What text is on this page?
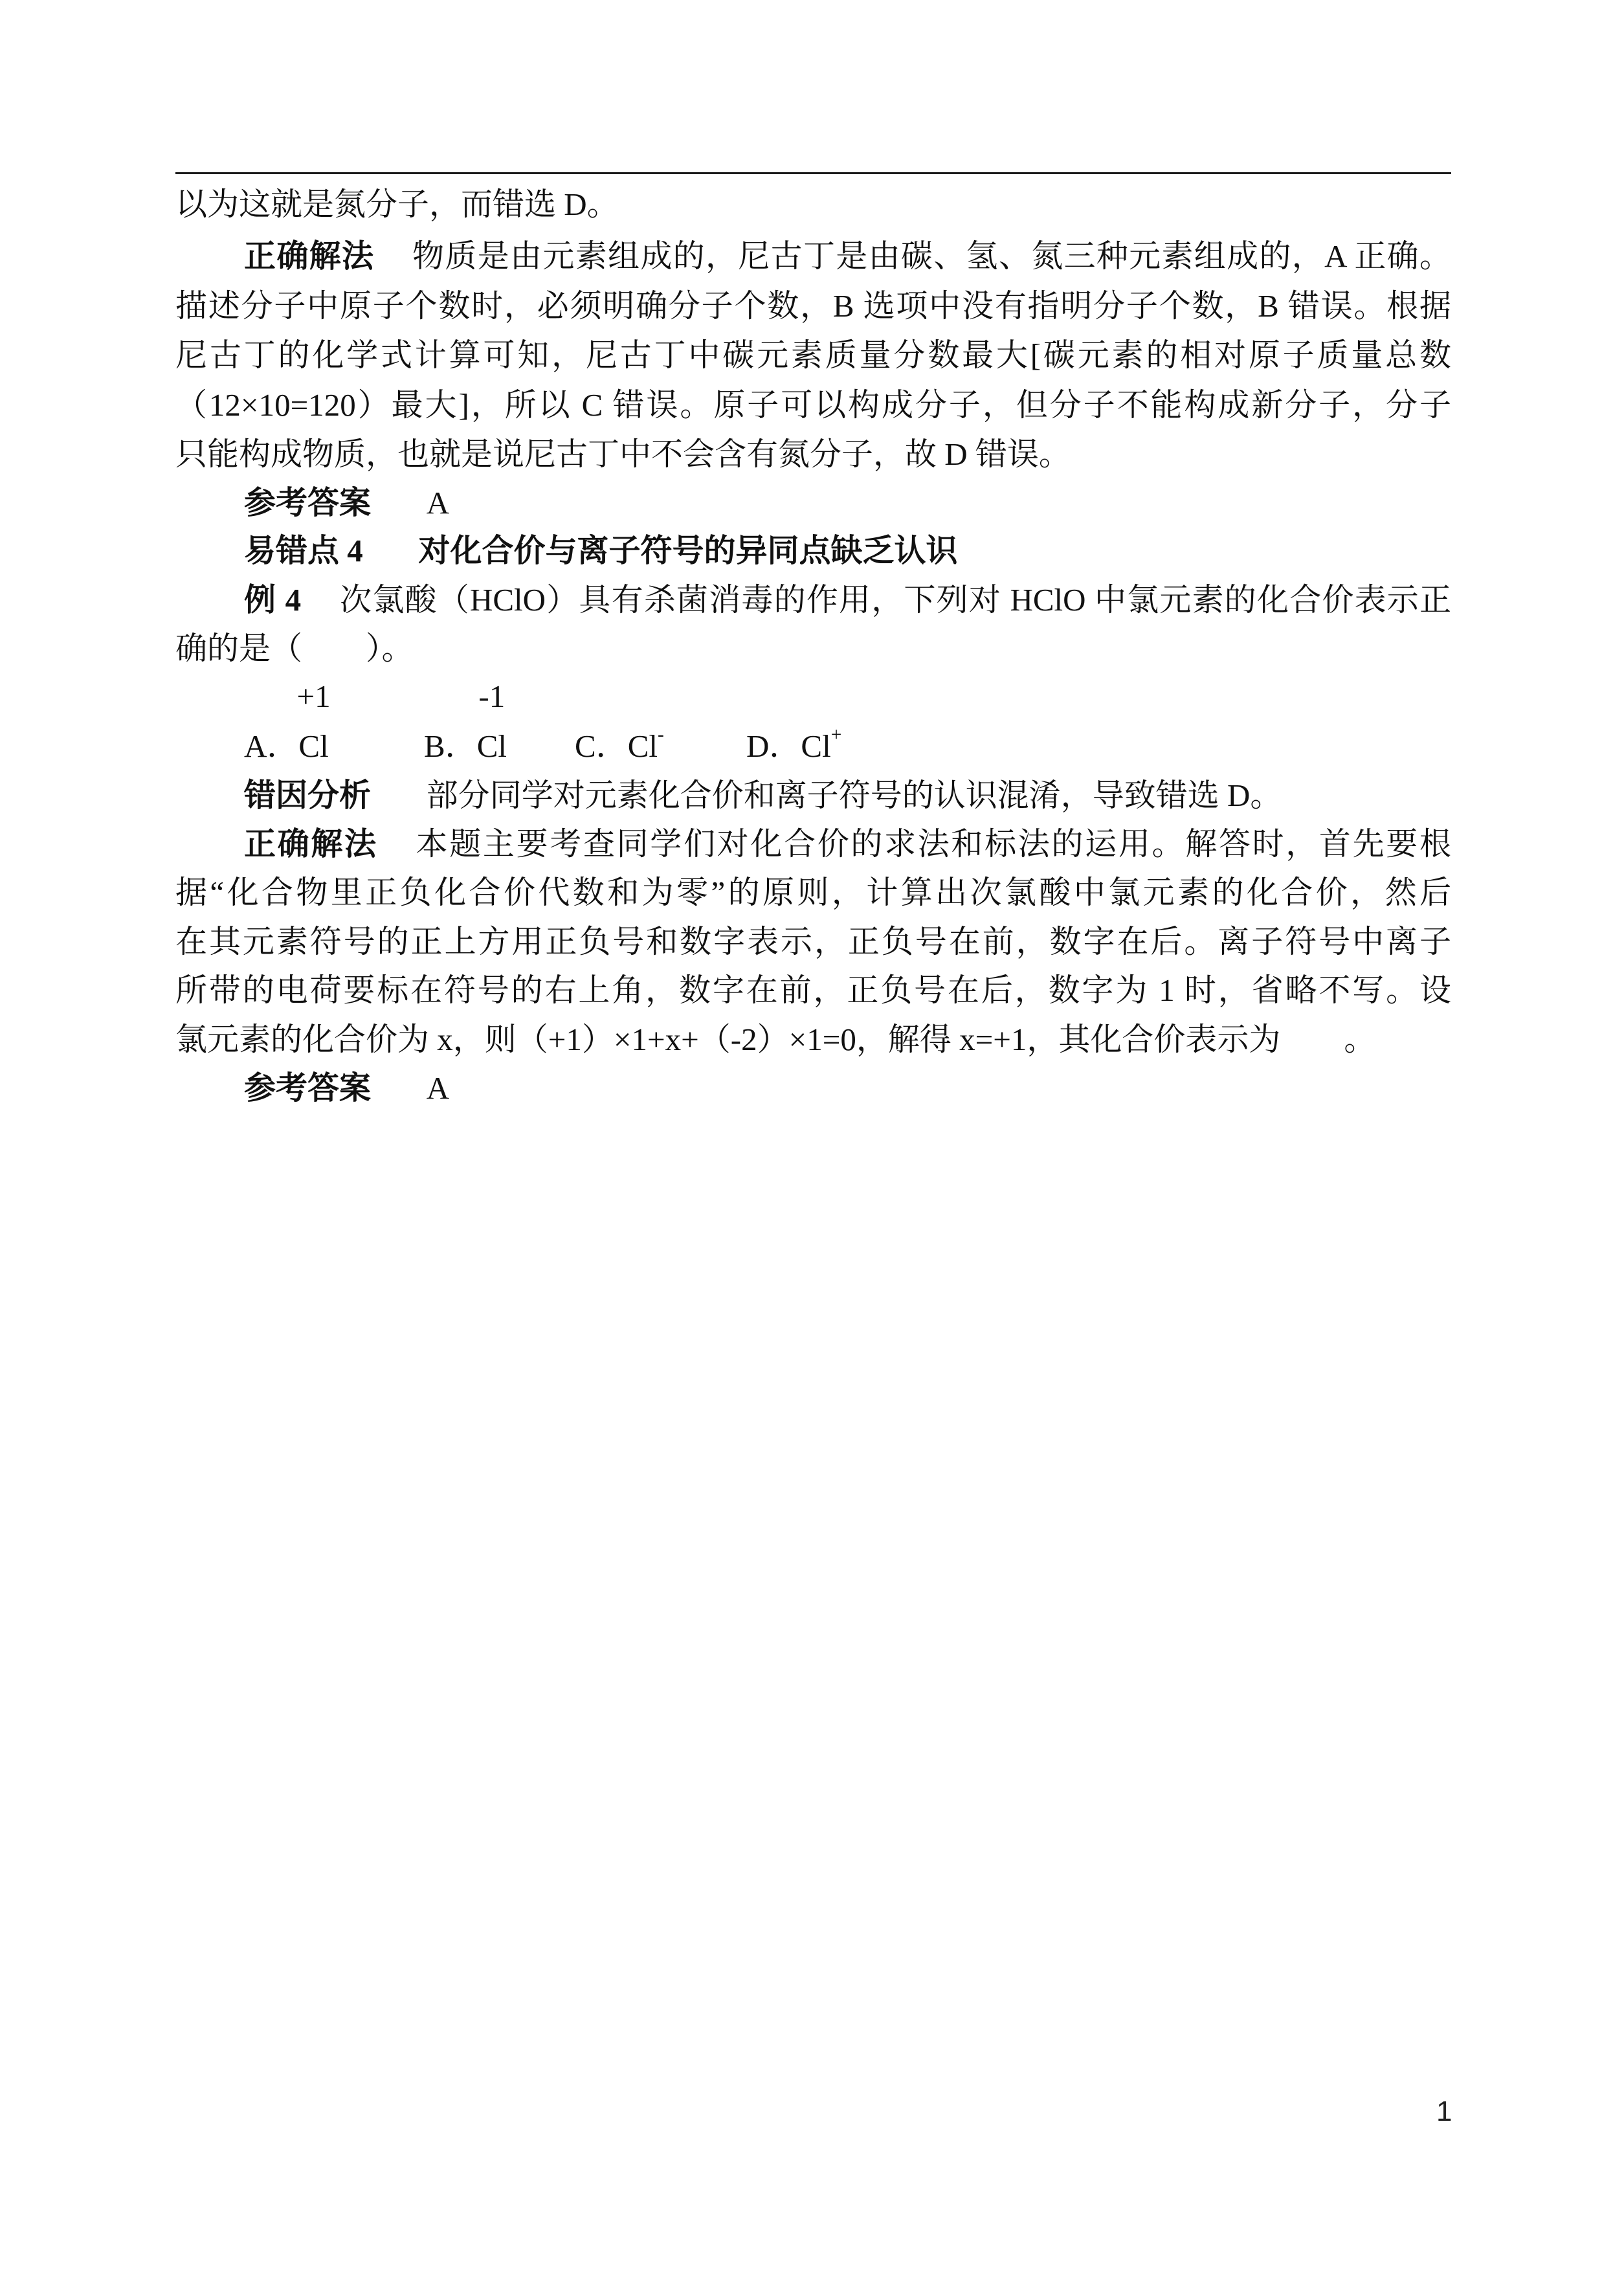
以为这就是氮分子，而错选 D。
正确解法 物质是由元素组成的，尼古丁是由碳、氢、氮三种元素组成的，A 正确。
描述分子中原子个数时，必须明确分子个数，B 选项中没有指明分子个数，B 错误。根据
尼古丁的化学式计算可知，尼古丁中碳元素质量分数最大[碳元素的相对原子质量总数
（12×10=120）最大]，所以 C 错误。原子可以构成分子，但分子不能构成新分子，分子
只能构成物质，也就是说尼古丁中不会含有氮分子，故 D 错误。
参考答案 A
易错点 4 对化合价与离子符号的异同点缺乏认识
例 4 次氯酸（HClO）具有杀菌消毒的作用，下列对 HClO 中氯元素的化合价表示正
确的是（　　）。
A．
+1
Cl	B．
-1
Cl C．Cl-	D．Cl+
错因分析 部分同学对元素化合价和离子符号的认识混淆，导致错选 D。
正确解法 本题主要考查同学们对化合价的求法和标法的运用。解答时，首先要根
据“化合物里正负化合价代数和为零”的原则，计算出次氯酸中氯元素的化合价，然后
在其元素符号的正上方用正负号和数字表示，正负号在前，数字在后。离子符号中离子
所带的电荷要标在符号的右上角，数字在前，正负号在后，数字为 1 时，省略不写。设
氯元素的化合价为 x，则（+1）×1+x+（-2）×1=0，解得 x=+1，其化合价表示为　　。
参考答案 A
1
